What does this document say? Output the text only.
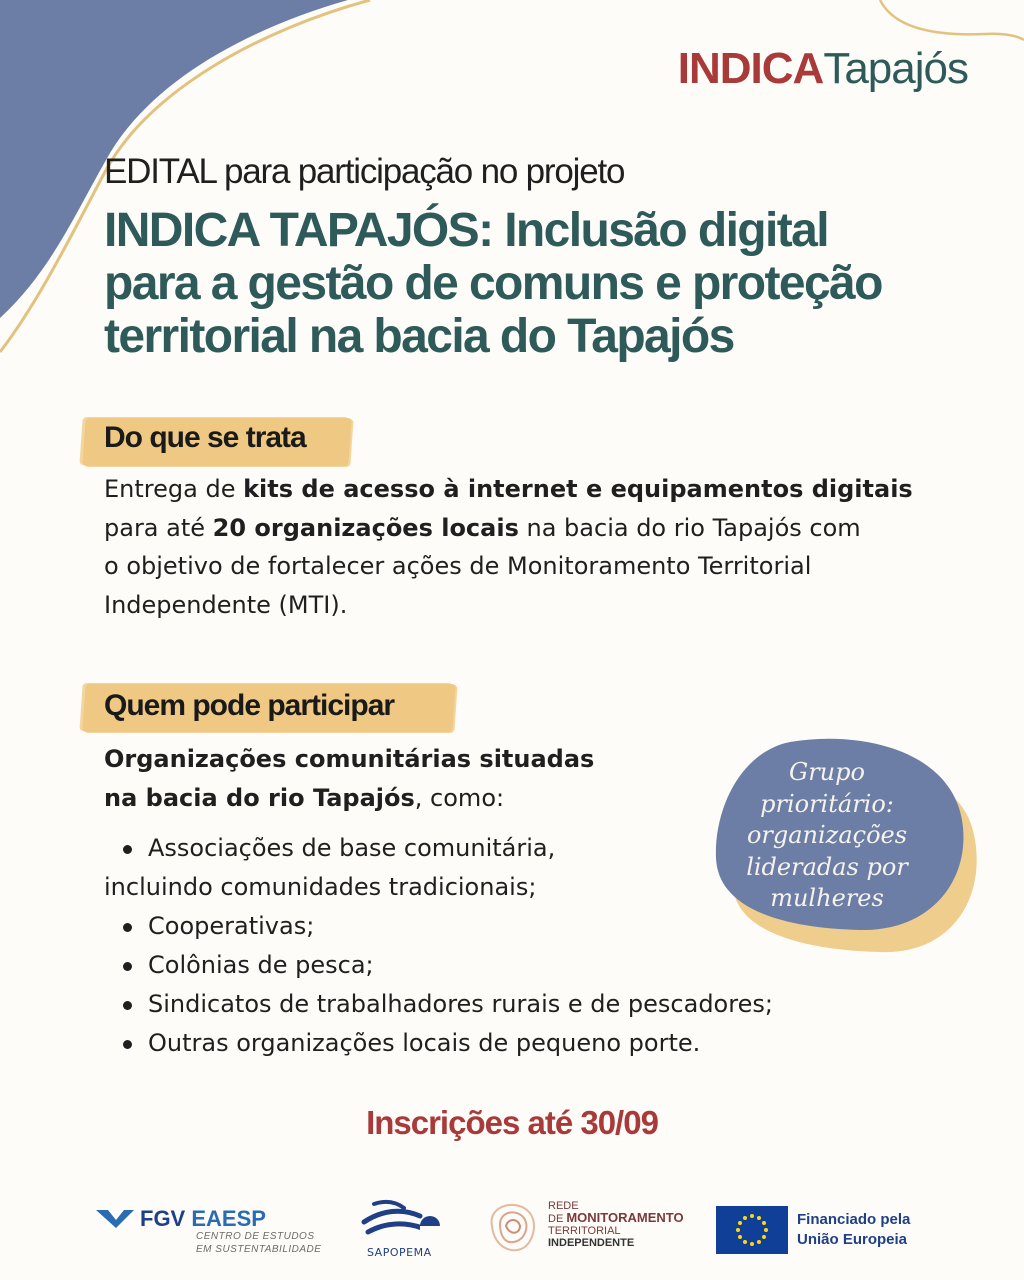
INDICATapajós
EDITAL para participação no projeto
INDICA TAPAJÓS: Inclusão digital
para a gestão de comuns e proteção
territorial na bacia do Tapajós
Do que se trata
Entrega de kits de acesso à internet e equipamentos digitais
para até 20 organizações locais na bacia do rio Tapajós com
o objetivo de fortalecer ações de Monitoramento Territorial
Independente (MTI).
Quem pode participar
Organizações comunitárias situadas
na bacia do rio Tapajós, como:
Associações de base comunitária,
incluindo comunidades tradicionais;
Cooperativas;
Colônias de pesca;
Sindicatos de trabalhadores rurais e de pescadores;
Outras organizações locais de pequeno porte.
Grupo
prioritário:
organizações
lideradas por
mulheres
Inscrições até 30/09
FGV EAESP
CENTRO DE ESTUDOS
EM SUSTENTABILIDADE	SAPOPEMA
REDE
DE MONITORAMENTO
TERRITORIAL
INDEPENDENTE
Financiado pela
União Europeia
